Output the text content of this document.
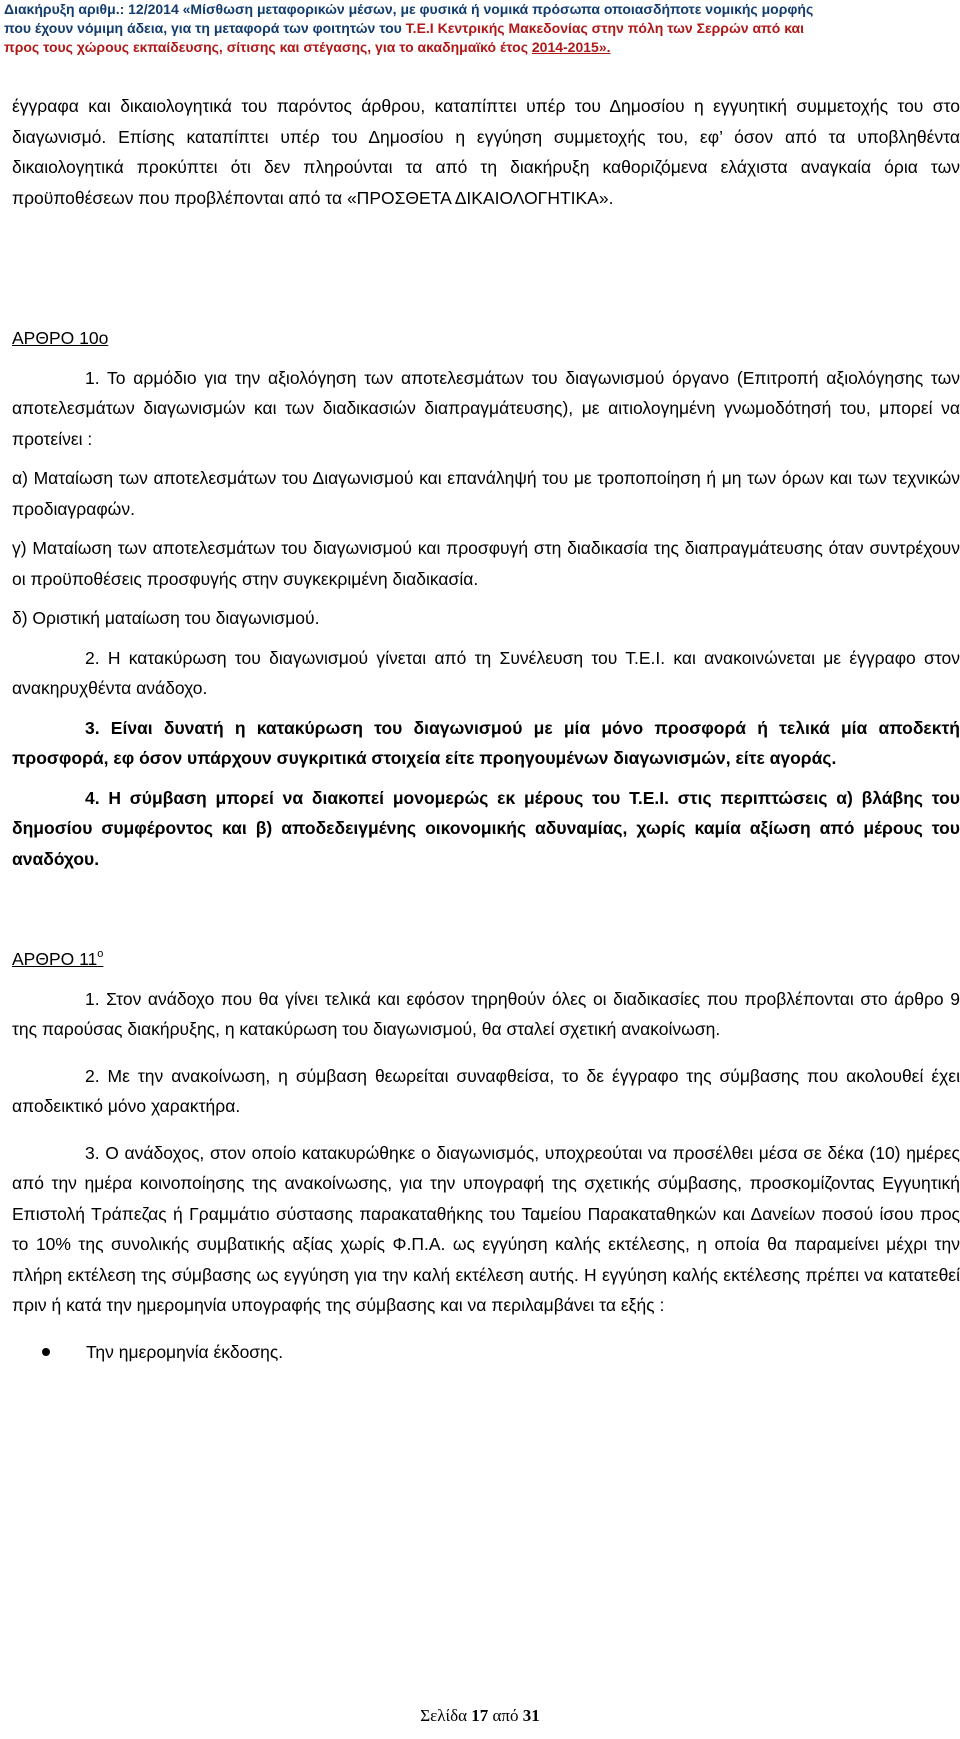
Διακήρυξη αριθμ.: 12/2014 «Μίσθωση μεταφορικών μέσων, με φυσικά ή νομικά πρόσωπα οποιασδήποτε νομικής μορφής
που έχουν νόμιμη άδεια, για τη μεταφορά των φοιτητών του Τ.Ε.Ι Κεντρικής Μακεδονίας στην πόλη των Σερρών από και
προς τους χώρους εκπαίδευσης, σίτισης και στέγασης, για το ακαδημαϊκό έτος 2014-2015».

έγγραφα και δικαιολογητικά του παρόντος άρθρου, καταπίπτει υπέρ του Δημοσίου η εγγυητική συμμετοχής του στο διαγωνισμό. Επίσης καταπίπτει υπέρ του Δημοσίου η εγγύηση συμμετοχής του, εφ’ όσον από τα υποβληθέντα δικαιολογητικά προκύπτει ότι δεν πληρούνται τα από τη διακήρυξη καθοριζόμενα ελάχιστα αναγκαία όρια των προϋποθέσεων που προβλέπονται από τα «ΠΡΟΣΘΕΤΑ ΔΙΚΑΙΟΛΟΓΗΤΙΚΑ».

ΑΡΘΡΟ 10ο

1. Το αρμόδιο για την αξιολόγηση των αποτελεσμάτων του διαγωνισμού όργανο (Επιτροπή αξιολόγησης των αποτελεσμάτων διαγωνισμών και των διαδικασιών διαπραγμάτευσης), με αιτιολογημένη γνωμοδότησή του, μπορεί να προτείνει :

α) Ματαίωση των αποτελεσμάτων του Διαγωνισμού και επανάληψή του με τροποποίηση ή μη των όρων και των τεχνικών προδιαγραφών.

γ) Ματαίωση των αποτελεσμάτων του διαγωνισμού και προσφυγή στη διαδικασία της διαπραγμάτευσης όταν συντρέχουν οι προϋποθέσεις προσφυγής στην συγκεκριμένη διαδικασία.

δ) Οριστική ματαίωση του διαγωνισμού.

2. Η κατακύρωση του διαγωνισμού γίνεται από τη Συνέλευση του Τ.Ε.Ι. και ανακοινώνεται με έγγραφο στον ανακηρυχθέντα ανάδοχο.

3. Είναι δυνατή η κατακύρωση του διαγωνισμού με μία μόνο προσφορά ή τελικά μία αποδεκτή προσφορά, εφ όσον υπάρχουν συγκριτικά στοιχεία είτε προηγουμένων διαγωνισμών, είτε αγοράς.

4. Η σύμβαση μπορεί να διακοπεί μονομερώς εκ μέρους του Τ.Ε.Ι. στις περιπτώσεις α) βλάβης του δημοσίου συμφέροντος και β) αποδεδειγμένης οικονομικής αδυναμίας, χωρίς καμία αξίωση από μέρους του αναδόχου.

ΑΡΘΡΟ $11^o$

1. Στον ανάδοχο που θα γίνει τελικά και εφόσον τηρηθούν όλες οι διαδικασίες που προβλέπονται στο άρθρο 9 της παρούσας διακήρυξης, η κατακύρωση του διαγωνισμού, θα σταλεί σχετική ανακοίνωση.

2. Με την ανακοίνωση, η σύμβαση θεωρείται συναφθείσα, το δε έγγραφο της σύμβασης που ακολουθεί έχει αποδεικτικό μόνο χαρακτήρα.

3. Ο ανάδοχος, στον οποίο κατακυρώθηκε ο διαγωνισμός, υποχρεούται να προσέλθει μέσα σε δέκα (10) ημέρες από την ημέρα κοινοποίησης της ανακοίνωσης, για την υπογραφή της σχετικής σύμβασης, προσκομίζοντας Εγγυητική Επιστολή Τράπεζας ή Γραμμάτιο σύστασης παρακαταθήκης του Ταμείου Παρακαταθηκών και Δανείων ποσού ίσου προς το 10% της συνολικής συμβατικής αξίας χωρίς Φ.Π.Α. ως εγγύηση καλής εκτέλεσης, η οποία θα παραμείνει μέχρι την πλήρη εκτέλεση της σύμβασης ως εγγύηση για την καλή εκτέλεση αυτής. Η εγγύηση καλής εκτέλεσης πρέπει να κατατεθεί πριν ή κατά την ημερομηνία υπογραφής της σύμβασης και να περιλαμβάνει τα εξής :

Την ημερομηνία έκδοσης.
Σελίδα 17 από 31
